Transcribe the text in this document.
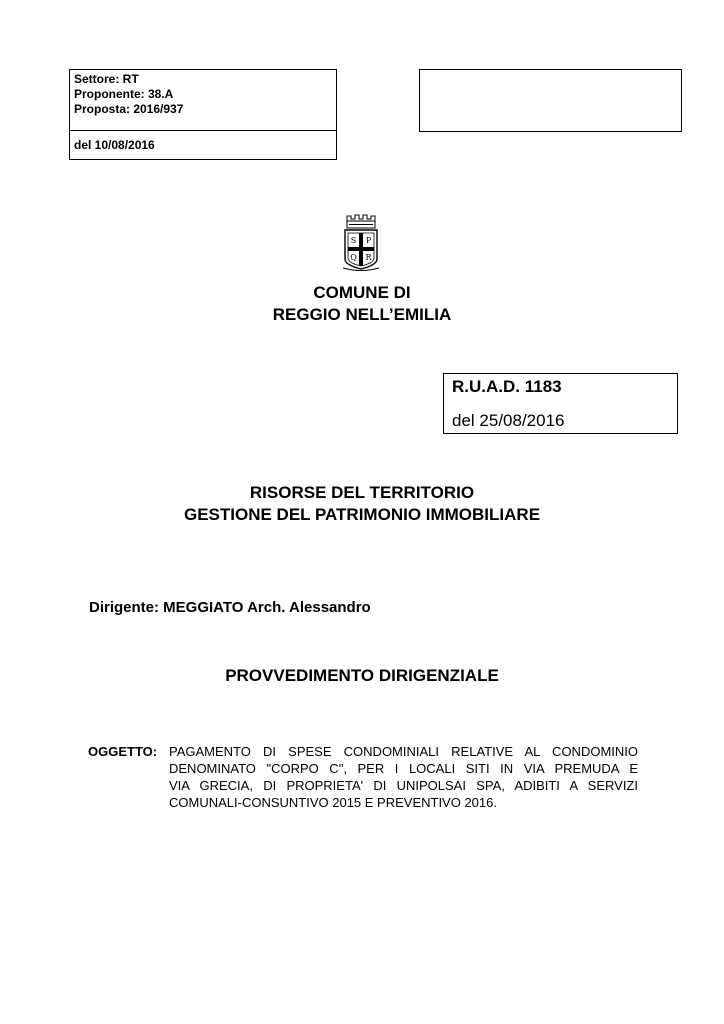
Settore: RT
Proponente: 38.A
Proposta: 2016/937
del 10/08/2016
S P
Q R
COMUNE DI
REGGIO NELL’EMILIA
R.U.A.D. 1183
del 25/08/2016
RISORSE DEL TERRITORIO
GESTIONE DEL PATRIMONIO IMMOBILIARE
Dirigente: MEGGIATO Arch. Alessandro
PROVVEDIMENTO DIRIGENZIALE
OGGETTO: PAGAMENTO DI SPESE CONDOMINIALI RELATIVE AL CONDOMINIO
DENOMINATO "CORPO C", PER I LOCALI SITI IN VIA PREMUDA E
VIA GRECIA, DI PROPRIETA' DI UNIPOLSAI SPA, ADIBITI A SERVIZI
COMUNALI-CONSUNTIVO 2015 E PREVENTIVO 2016.
